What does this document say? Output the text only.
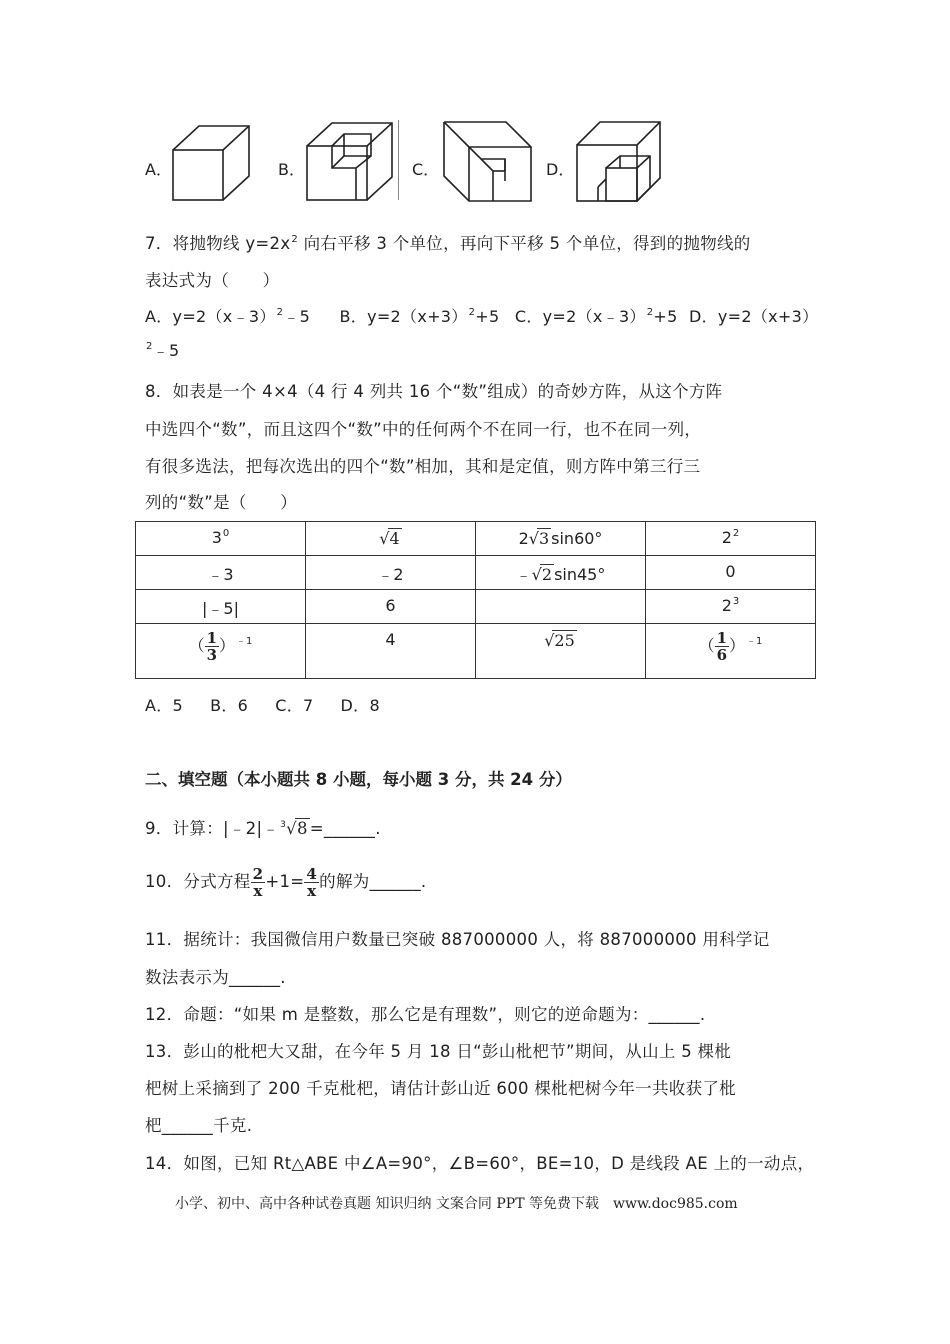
A．	B．	C．	D．
7．将抛物线 $y=2x^2$ 向右平移 3 个单位，再向下平移 5 个单位，得到的抛物线的
表达式为（　　）
A．y=2（x﹣3）$^2$﹣5 B．$y=2(x+3)^2+5$ C．y=2（x﹣3）$^2$+5 D．y=2（x+3）
$^2$﹣5
8．如表是一个 4×4（4 行 4 列共 16 个“数”组成）的奇妙方阵，从这个方阵
中选四个“数”，而且这四个“数”中的任何两个不在同一行，也不在同一列，
有很多选法，把每次选出的四个“数”相加，其和是定值，则方阵中第三行三
列的“数”是（　　）
$3^0$	√4	2√3 sin60°	$2^2$
﹣3	﹣2	﹣√2 sin45°	0
|﹣5|	6		$2^3$
（ $\frac{1}{3} )^{﹣1}$	4	√25	（ $\frac{1}{6} )^{﹣1}$
A．5　  B．6　  C．7　  D．8
二、填空题（本小题共 8 小题，每小题 3 分，共 24 分）
9．计算：|﹣2|﹣$^3$√8 =______.
10．分式方程 $\frac{2}{x} +1= \frac{4}{x}$ 的解为______.
11．据统计：我国微信用户数量已突破 887000000 人，将 887000000 用科学记
数法表示为______.
12．命题：“如果 m 是整数，那么它是有理数”，则它的逆命题为：______.
13．彭山的枇杷大又甜，在今年 5 月 18 日“彭山枇杷节”期间，从山上 5 棵枇
杷树上采摘到了 200 千克枇杷，请估计彭山近 600 棵枇杷树今年一共收获了枇
杷______千克.
14．如图，已知 Rt△ABE 中∠A=90°，∠B=60°，BE=10，D 是线段 AE 上的一动点，
小学、初中、高中各种试卷真题 知识归纳 文案合同 PPT 等免费下载　www.doc985.com
